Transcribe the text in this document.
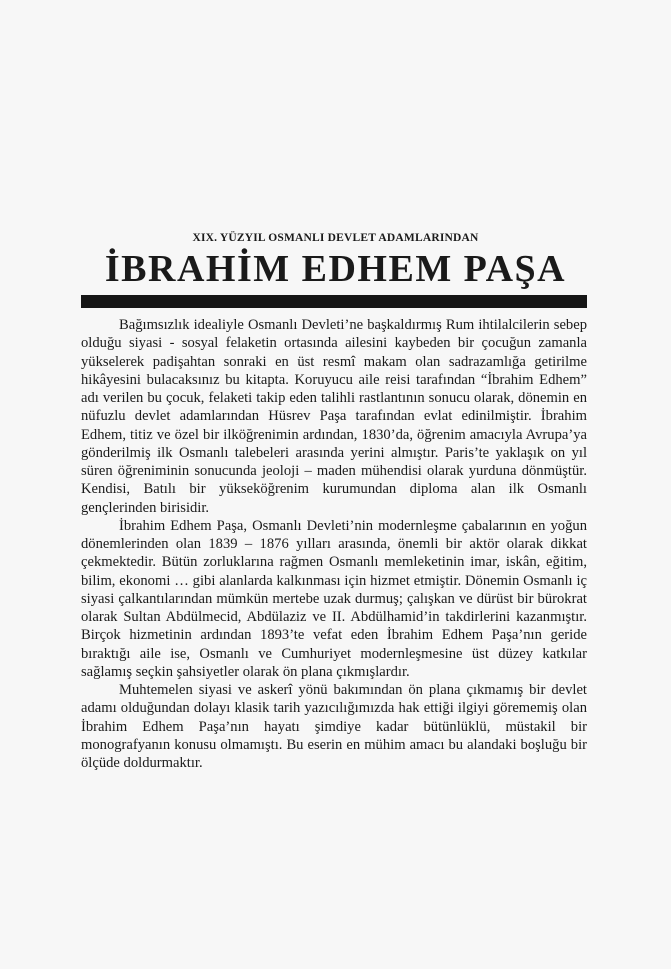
XIX. YÜZYIL OSMANLI DEVLET ADAMLARINDAN
İBRAHİM EDHEM PAŞA

Bağımsızlık idealiyle Osmanlı Devleti’ne başkaldırmış Rum ihtilalcilerin sebep olduğu siyasi - sosyal felaketin ortasında ailesini kaybeden bir çocuğun zamanla yükselerek padişahtan sonraki en üst resmî makam olan sadrazamlığa getirilme hikâyesini bulacaksınız bu kitapta. Koruyucu aile reisi tarafından “İbrahim Edhem” adı verilen bu çocuk, felaketi takip eden talihli rastlantının sonucu olarak, dönemin en nüfuzlu devlet adamlarından Hüsrev Paşa tarafından evlat edinilmiştir. İbrahim Edhem, titiz ve özel bir ilköğrenimin ardından, 1830’da, öğrenim amacıyla Avrupa’ya gönderilmiş ilk Osmanlı talebeleri arasında yerini almıştır. Paris’te yaklaşık on yıl süren öğreniminin sonucunda jeoloji – maden mühendisi olarak yurduna dönmüştür. Kendisi, Batılı bir yükseköğrenim kurumundan diploma alan ilk Osmanlı gençlerinden birisidir.

İbrahim Edhem Paşa, Osmanlı Devleti’nin modernleşme çabalarının en yoğun dönemlerinden olan 1839 – 1876 yılları arasında, önemli bir aktör olarak dikkat çekmektedir. Bütün zorluklarına rağmen Osmanlı memleketinin imar, iskân, eğitim, bilim, ekonomi … gibi alanlarda kalkınması için hizmet etmiştir. Dönemin Osmanlı iç siyasi çalkantılarından mümkün mertebe uzak durmuş; çalışkan ve dürüst bir bürokrat olarak Sultan Abdülmecid, Abdülaziz ve II. Abdülhamid’in takdirlerini kazanmıştır. Birçok hizmetinin ardından 1893’te vefat eden İbrahim Edhem Paşa’nın geride bıraktığı aile ise, Osmanlı ve Cumhuriyet modernleşmesine üst düzey katkılar sağlamış seçkin şahsiyetler olarak ön plana çıkmışlardır.

Muhtemelen siyasi ve askerî yönü bakımından ön plana çıkmamış bir devlet adamı olduğundan dolayı klasik tarih yazıcılığımızda hak ettiği ilgiyi görememiş olan İbrahim Edhem Paşa’nın hayatı şimdiye kadar bütünlüklü, müstakil bir monografyanın konusu olmamıştı. Bu eserin en mühim amacı bu alandaki boşluğu bir ölçüde doldurmaktır.
